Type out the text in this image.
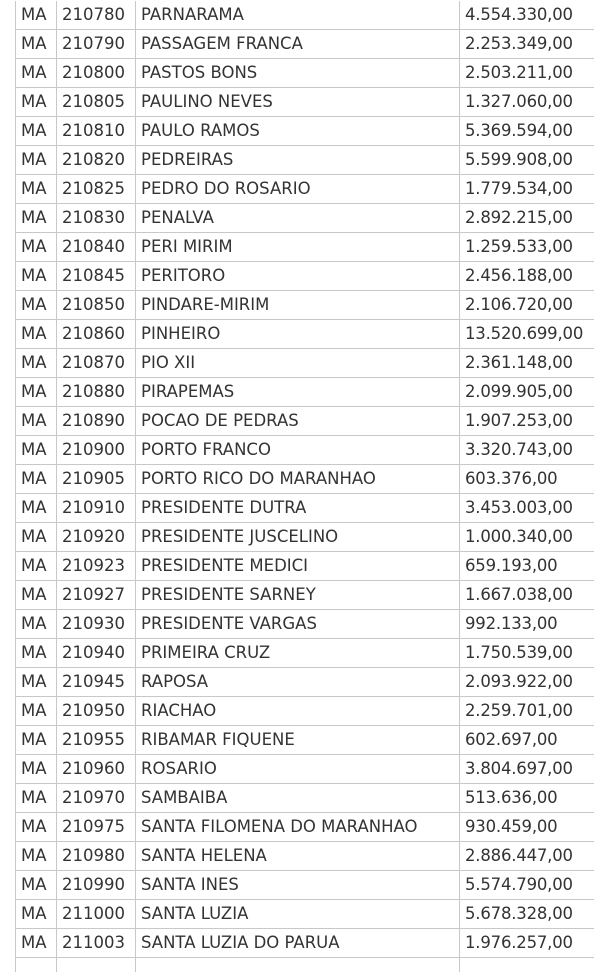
MA	210780	PARNARAMA	4.554.330,00
MA	210790	PASSAGEM FRANCA	2.253.349,00
MA	210800	PASTOS BONS	2.503.211,00
MA	210805	PAULINO NEVES	1.327.060,00
MA	210810	PAULO RAMOS	5.369.594,00
MA	210820	PEDREIRAS	5.599.908,00
MA	210825	PEDRO DO ROSARIO	1.779.534,00
MA	210830	PENALVA	2.892.215,00
MA	210840	PERI MIRIM	1.259.533,00
MA	210845	PERITORO	2.456.188,00
MA	210850	PINDARE-MIRIM	2.106.720,00
MA	210860	PINHEIRO	13.520.699,00
MA	210870	PIO XII	2.361.148,00
MA	210880	PIRAPEMAS	2.099.905,00
MA	210890	POCAO DE PEDRAS	1.907.253,00
MA	210900	PORTO FRANCO	3.320.743,00
MA	210905	PORTO RICO DO MARANHAO	603.376,00
MA	210910	PRESIDENTE DUTRA	3.453.003,00
MA	210920	PRESIDENTE JUSCELINO	1.000.340,00
MA	210923	PRESIDENTE MEDICI	659.193,00
MA	210927	PRESIDENTE SARNEY	1.667.038,00
MA	210930	PRESIDENTE VARGAS	992.133,00
MA	210940	PRIMEIRA CRUZ	1.750.539,00
MA	210945	RAPOSA	2.093.922,00
MA	210950	RIACHAO	2.259.701,00
MA	210955	RIBAMAR FIQUENE	602.697,00
MA	210960	ROSARIO	3.804.697,00
MA	210970	SAMBAIBA	513.636,00
MA	210975	SANTA FILOMENA DO MARANHAO	930.459,00
MA	210980	SANTA HELENA	2.886.447,00
MA	210990	SANTA INES	5.574.790,00
MA	211000	SANTA LUZIA	5.678.328,00
MA	211003	SANTA LUZIA DO PARUA	1.976.257,00
